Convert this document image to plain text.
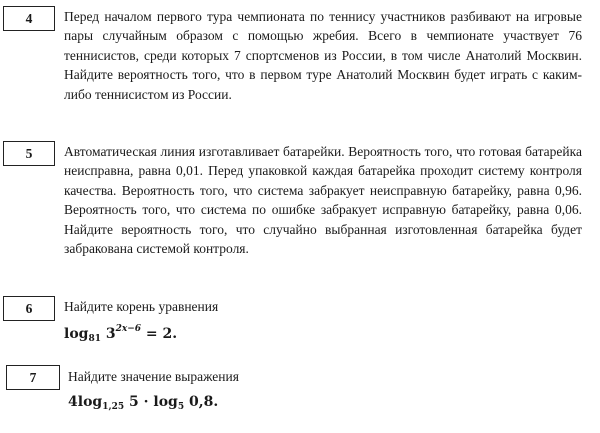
4 Перед началом первого тура чемпионата по теннису участников разбивают на игровые пары случайным образом с помощью жребия. Всего в чемпионате участвует 76 теннисистов, среди которых 7 спортсменов из России, в том числе Анатолий Москвин. Найдите вероятность того, что в первом туре Анатолий Москвин будет играть с каким-либо теннисистом из России.

5 Автоматическая линия изготавливает батарейки. Вероятность того, что готовая батарейка неисправна, равна 0,01. Перед упаковкой каждая батарейка проходит систему контроля качества. Вероятность того, что система забракует неисправную батарейку, равна 0,96. Вероятность того, что система по ошибке забракует исправную батарейку, равна 0,06. Найдите вероятность того, что случайно выбранная изготовленная батарейка будет забракована системой контроля.

6 Найдите корень уравнения

$\log_{81} 3^{2x-6} = 2$.
7 Найдите значение выражения

$4\log_{1,25}$ $5 \cdot \log_5 0,8$.
